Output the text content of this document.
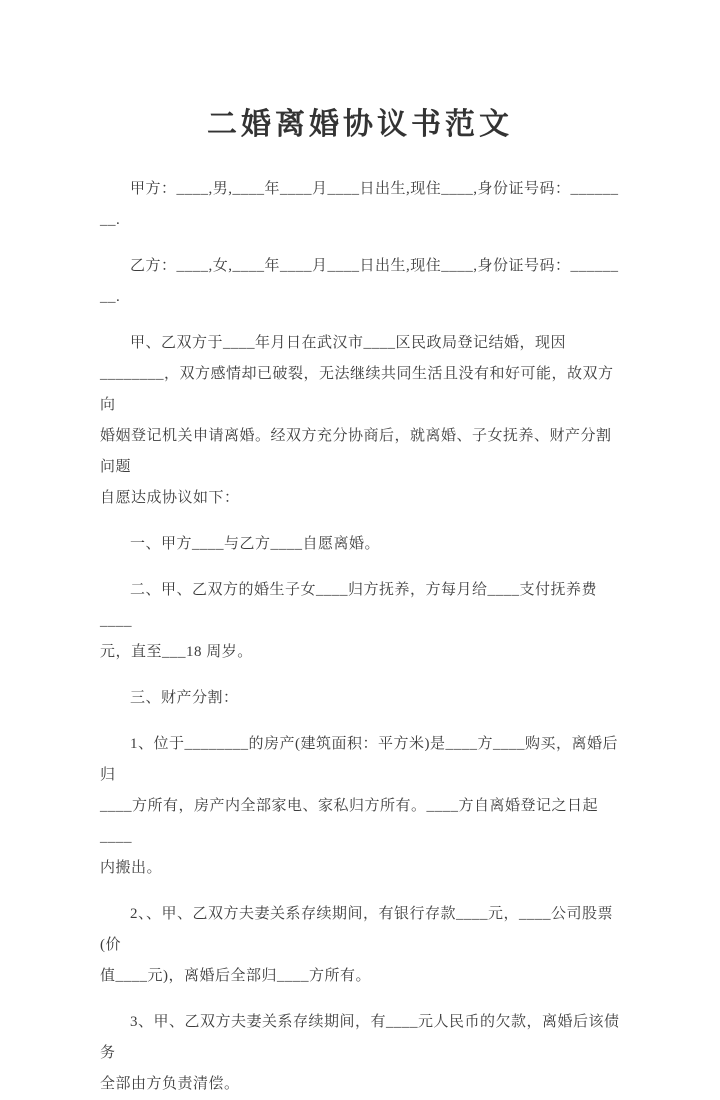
二婚离婚协议书范文
甲方：____,男,____年____月____日出生,现住____,身份证号码：______
__.
乙方：____,女,____年____月____日出生,现住____,身份证号码：______
__.
甲、乙双方于____年月日在武汉市____区民政局登记结婚，现因
________，双方感情却已破裂，无法继续共同生活且没有和好可能，故双方向
婚姻登记机关申请离婚。经双方充分协商后，就离婚、子女抚养、财产分割问题
自愿达成协议如下：
一、甲方____与乙方____自愿离婚。
二、甲、乙双方的婚生子女____归方抚养，方每月给____支付抚养费____
元，直至___18 周岁。
三、财产分割：
1、位于________的房产(建筑面积：平方米)是____方____购买，离婚后归
____方所有，房产内全部家电、家私归方所有。____方自离婚登记之日起____
内搬出。
2、、甲、乙双方夫妻关系存续期间，有银行存款____元，____公司股票(价
值____元)，离婚后全部归____方所有。
3、甲、乙双方夫妻关系存续期间，有____元人民币的欠款，离婚后该债务
全部由方负责清偿。
